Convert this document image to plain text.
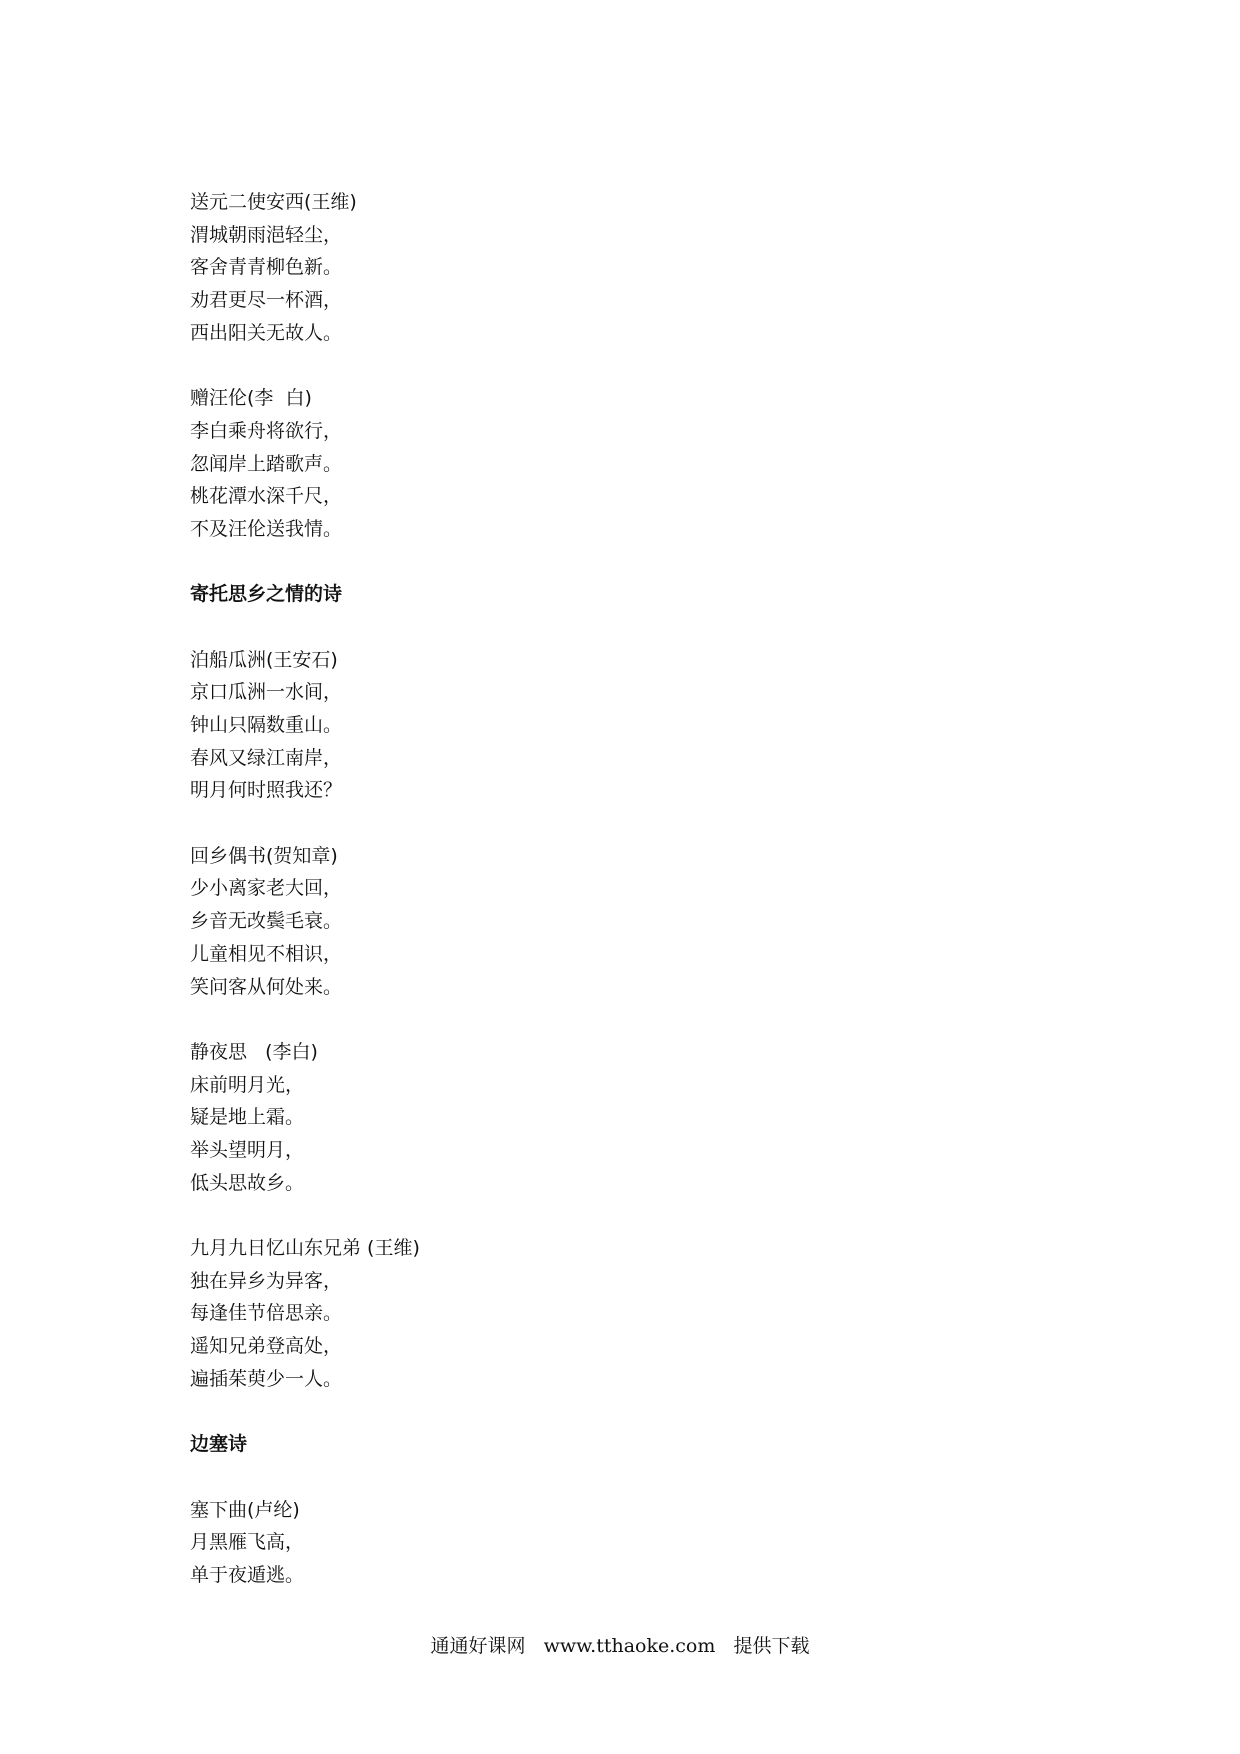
送元二使安西(王维)
渭城朝雨浥轻尘，
客舍青青柳色新。
劝君更尽一杯酒，
西出阳关无故人。
赠汪伦(李  白)
李白乘舟将欲行，
忽闻岸上踏歌声。
桃花潭水深千尺，
不及汪伦送我情。
寄托思乡之情的诗
泊船瓜洲(王安石)
京口瓜洲一水间，
钟山只隔数重山。
春风又绿江南岸，
明月何时照我还？
回乡偶书(贺知章)
少小离家老大回，
乡音无改鬓毛衰。
儿童相见不相识，
笑问客从何处来。
静夜思   (李白)
床前明月光，
疑是地上霜。
举头望明月，
低头思故乡。
九月九日忆山东兄弟 (王维)
独在异乡为异客，
每逢佳节倍思亲。
遥知兄弟登高处，
遍插茱萸少一人。
边塞诗
塞下曲(卢纶)
月黑雁飞高，
单于夜遁逃。
通通好课网   www.tthaoke.com   提供下载
